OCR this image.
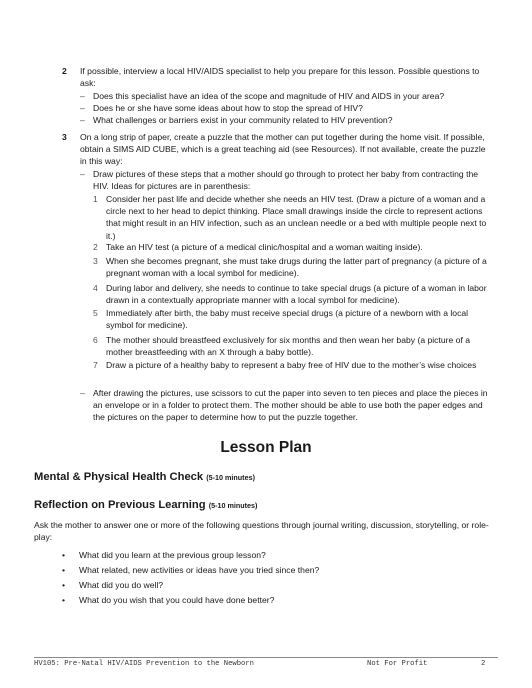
2 If possible, interview a local HIV/AIDS specialist to help you prepare for this lesson. Possible questions to ask:
– Does this specialist have an idea of the scope and magnitude of HIV and AIDS in your area?
– Does he or she have some ideas about how to stop the spread of HIV?
– What challenges or barriers exist in your community related to HIV prevention?
3 On a long strip of paper, create a puzzle that the mother can put together during the home visit. If possible, obtain a SIMS AID CUBE, which is a great teaching aid (see Resources). If not available, create the puzzle in this way:
– Draw pictures of these steps that a mother should go through to protect her baby from contracting the HIV. Ideas for pictures are in parenthesis:
1 Consider her past life and decide whether she needs an HIV test. (Draw a picture of a woman and a circle next to her head to depict thinking. Place small drawings inside the circle to represent actions that might result in an HIV infection, such as an unclean needle or a bed with multiple people next to it.)
2 Take an HIV test (a picture of a medical clinic/hospital and a woman waiting inside).
3 When she becomes pregnant, she must take drugs during the latter part of pregnancy (a picture of a pregnant woman with a local symbol for medicine).
4 During labor and delivery, she needs to continue to take special drugs (a picture of a woman in labor drawn in a contextually appropriate manner with a local symbol for medicine).
5 Immediately after birth, the baby must receive special drugs (a picture of a newborn with a local symbol for medicine).
6 The mother should breastfeed exclusively for six months and then wean her baby (a picture of a mother breastfeeding with an X through a baby bottle).
7 Draw a picture of a healthy baby to represent a baby free of HIV due to the mother’s wise choices
– After drawing the pictures, use scissors to cut the paper into seven to ten pieces and place the pieces in an envelope or in a folder to protect them. The mother should be able to use both the paper edges and the pictures on the paper to determine how to put the puzzle together.
Lesson Plan
Mental & Physical Health Check (5-10 minutes)
Reflection on Previous Learning (5-10 minutes)
Ask the mother to answer one or more of the following questions through journal writing, discussion, storytelling, or role-play:
• What did you learn at the previous group lesson?
• What related, new activities or ideas have you tried since then?
• What did you do well?
• What do you wish that you could have done better?
HV105: Pre-Natal HIV/AIDS Prevention to the Newborn	Not For Profit	2
